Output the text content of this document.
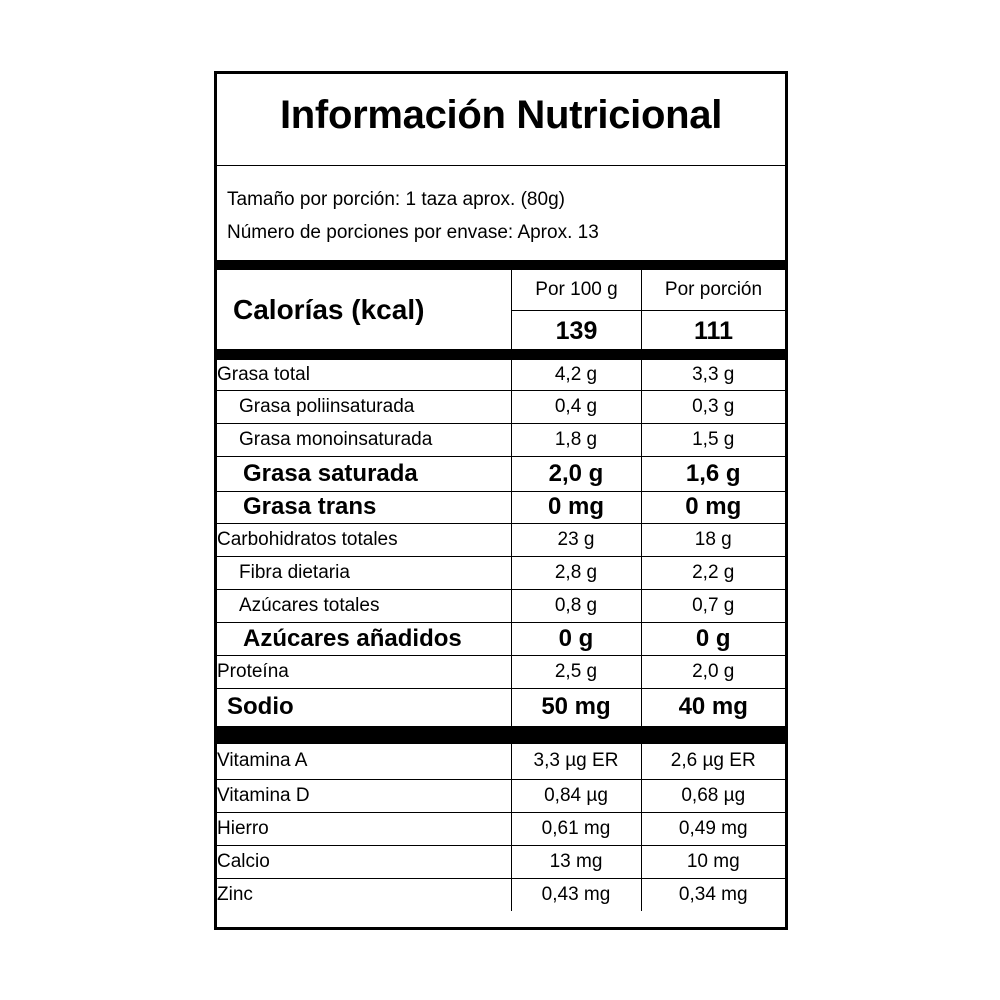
Información Nutricional
Tamaño por porción: 1 taza aprox. (80g)
Número de porciones por envase: Aprox. 13
Calorías (kcal)
Por 100 g	Por porción
139	111
Grasa total	4,2 g	3,3 g
Grasa poliinsaturada	0,4 g	0,3 g
Grasa monoinsaturada	1,8 g	1,5 g
Grasa saturada	2,0 g	1,6 g
Grasa trans	0 mg	0 mg
Carbohidratos totales	23 g	18 g
Fibra dietaria	2,8 g	2,2 g
Azúcares totales	0,8 g	0,7 g
Azúcares añadidos	0 g	0 g
Proteína	2,5 g	2,0 g
Sodio	50 mg	40 mg
Vitamina A	3,3 µg ER	2,6 µg ER
Vitamina D	0,84 µg	0,68 µg
Hierro	0,61 mg	0,49 mg
Calcio	13 mg	10 mg
Zinc	0,43 mg	0,34 mg
